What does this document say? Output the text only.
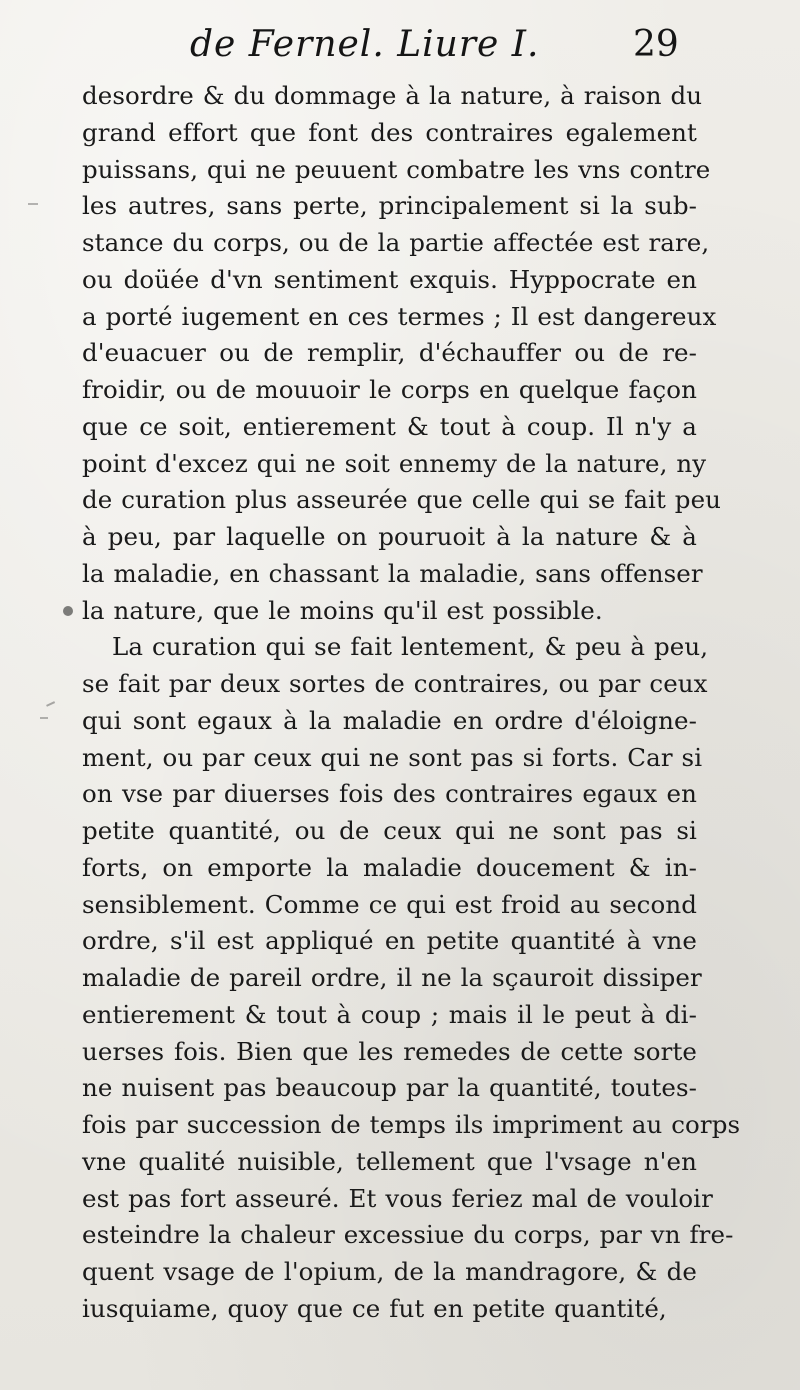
de Fernel. Liure I.	29
desordre & du dommage à la nature, à raison du
grand effort que font des contraires egalement
puissans, qui ne peuuent combatre les vns contre
les autres, sans perte, principalement si la sub-
stance du corps, ou de la partie affectée est rare,
ou doüée d'vn sentiment exquis. Hyppocrate en
a porté iugement en ces termes ; Il est dangereux
d'euacuer ou de remplir, d'échauffer ou de re-
froidir, ou de mouuoir le corps en quelque façon
que ce soit, entierement & tout à coup. Il n'y a
point d'excez qui ne soit ennemy de la nature, ny
de curation plus asseurée que celle qui se fait peu
à peu, par laquelle on pouruoit à la nature & à
la maladie, en chassant la maladie, sans offenser
la nature, que le moins qu'il est possible.
La curation qui se fait lentement, & peu à peu,
se fait par deux sortes de contraires, ou par ceux
qui sont egaux à la maladie en ordre d'éloigne-
ment, ou par ceux qui ne sont pas si forts. Car si
on vse par diuerses fois des contraires egaux en
petite quantité, ou de ceux qui ne sont pas si
forts, on emporte la maladie doucement & in-
sensiblement. Comme ce qui est froid au second
ordre, s'il est appliqué en petite quantité à vne
maladie de pareil ordre, il ne la sçauroit dissiper
entierement & tout à coup ; mais il le peut à di-
uerses fois. Bien que les remedes de cette sorte
ne nuisent pas beaucoup par la quantité, toutes-
fois par succession de temps ils impriment au corps
vne qualité nuisible, tellement que l'vsage n'en
est pas fort asseuré. Et vous feriez mal de vouloir
esteindre la chaleur excessiue du corps, par vn fre-
quent vsage de l'opium, de la mandragore, & de
iusquiame, quoy que ce fut en petite quantité,
